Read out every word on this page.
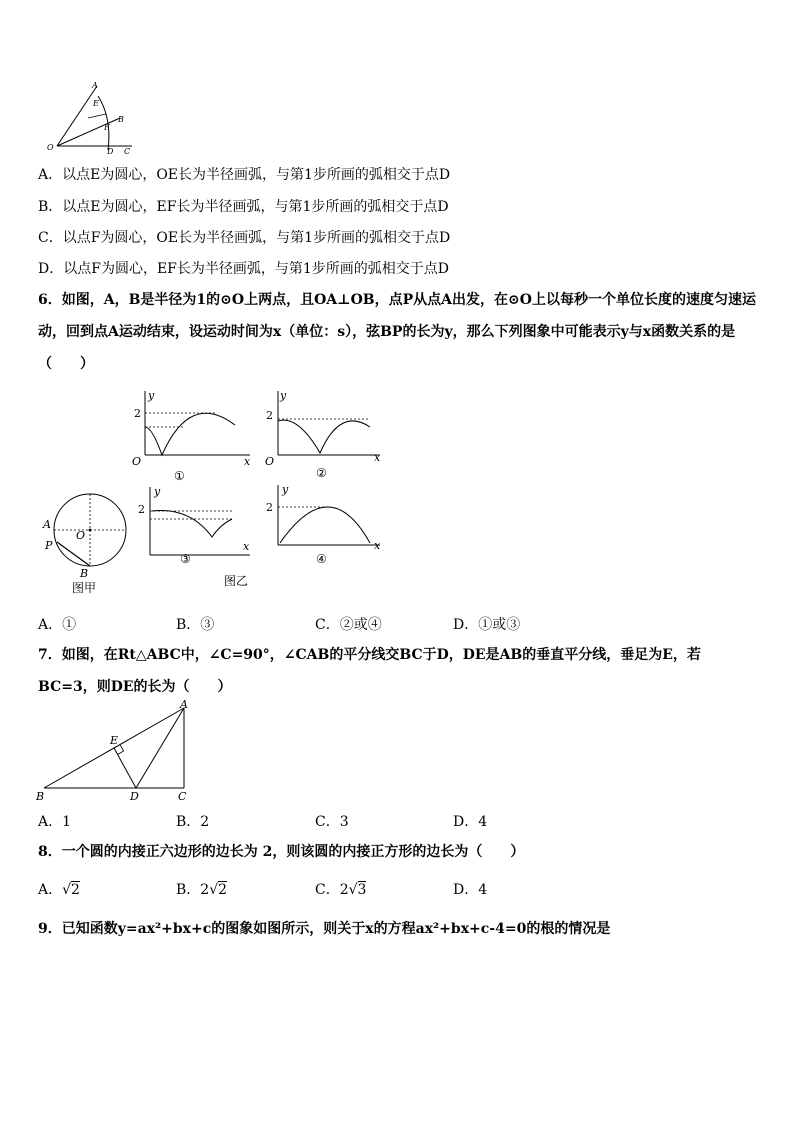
A
E
B
F
O	D C
A．以点E为圆心，OE长为半径画弧，与第1步所画的弧相交于点D
B．以点E为圆心，EF长为半径画弧，与第1步所画的弧相交于点D
C．以点F为圆心，OE长为半径画弧，与第1步所画的弧相交于点D
D．以点F为圆心，EF长为半径画弧，与第1步所画的弧相交于点D
6．如图，A，B是半径为1的⊙O上两点，且OA⊥OB，点P从点A出发，在⊙O上以每秒一个单位长度的速度匀速运动，回到点A运动结束，设运动时间为x（单位：s），弦BP的长为y，那么下列图象中可能表示y与x函数关系的是（　　）
y
2
O	x
①
y
2
O	x
②
A
P
O
B
图甲
y
2
x
③
图乙
y
2
x
④
A．①	B．③	C．②或④	D．①或③
7．如图，在Rt△ABC中，∠C=90°，∠CAB的平分线交BC于D，DE是AB的垂直平分线，垂足为E，若BC=3，则DE的长为（　　）
A
E
B	D	C
A．1	B．2	C．3	D．4
8．一个圆的内接正六边形的边长为 2，则该圆的内接正方形的边长为（　　）
A．√2	B．2√2	C．2√3	D．4
9．已知函数y=ax²+bx+c的图象如图所示，则关于x的方程ax²+bx+c-4=0的根的情况是
